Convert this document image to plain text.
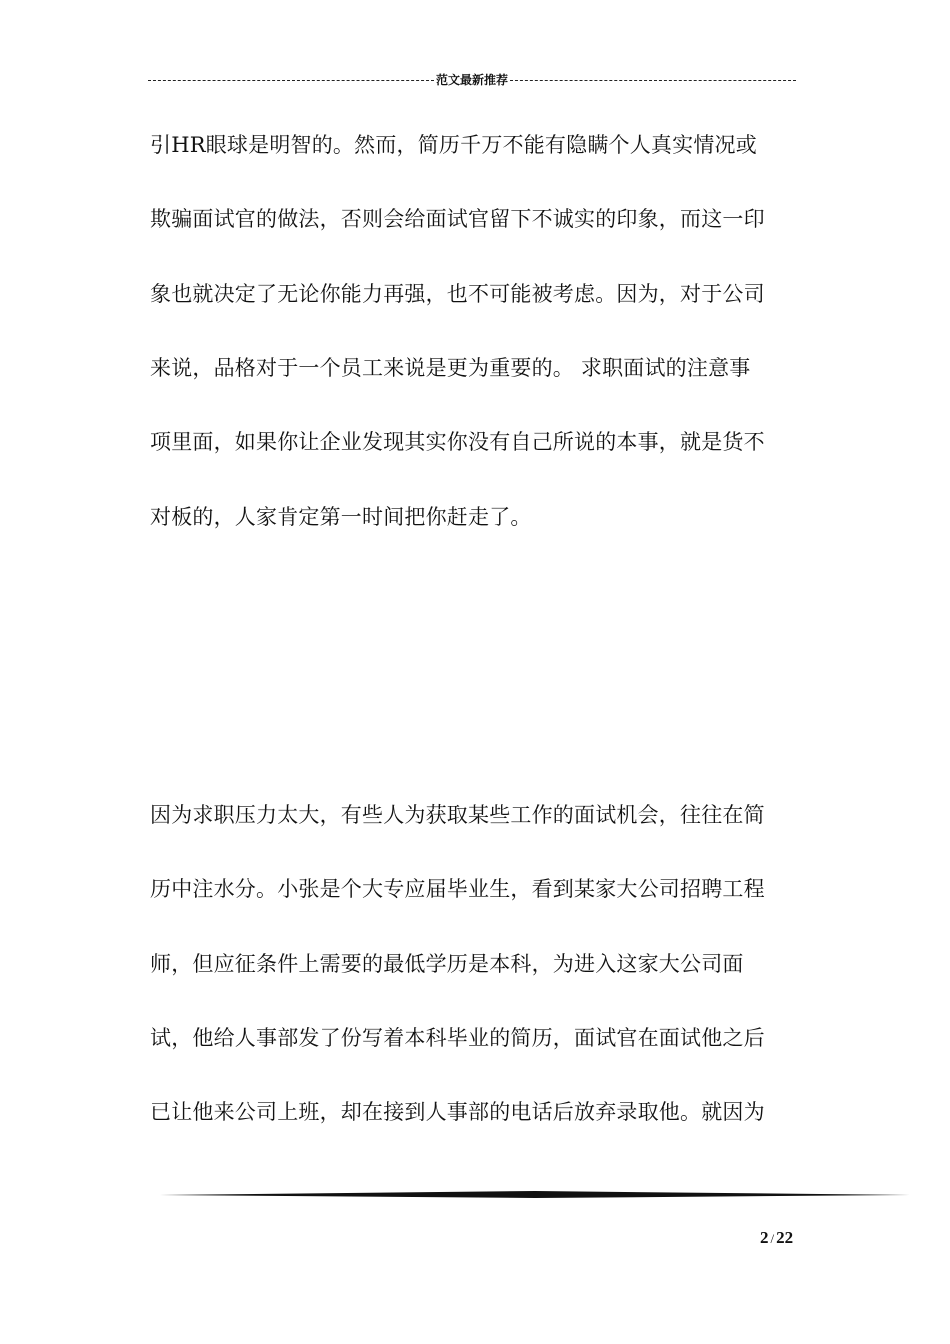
范文最新推荐
引HR眼球是明智的。然而，简历千万不能有隐瞒个人真实情况或
欺骗面试官的做法，否则会给面试官留下不诚实的印象，而这一印
象也就决定了无论你能力再强，也不可能被考虑。因为，对于公司
来说，品格对于一个员工来说是更为重要的。 求职面试的注意事
项里面，如果你让企业发现其实你没有自己所说的本事，就是货不
对板的，人家肯定第一时间把你赶走了。
因为求职压力太大，有些人为获取某些工作的面试机会，往往在简
历中注水分。小张是个大专应届毕业生，看到某家大公司招聘工程
师，但应征条件上需要的最低学历是本科，为进入这家大公司面
试，他给人事部发了份写着本科毕业的简历，面试官在面试他之后
已让他来公司上班，却在接到人事部的电话后放弃录取他。就因为
2 / 22
